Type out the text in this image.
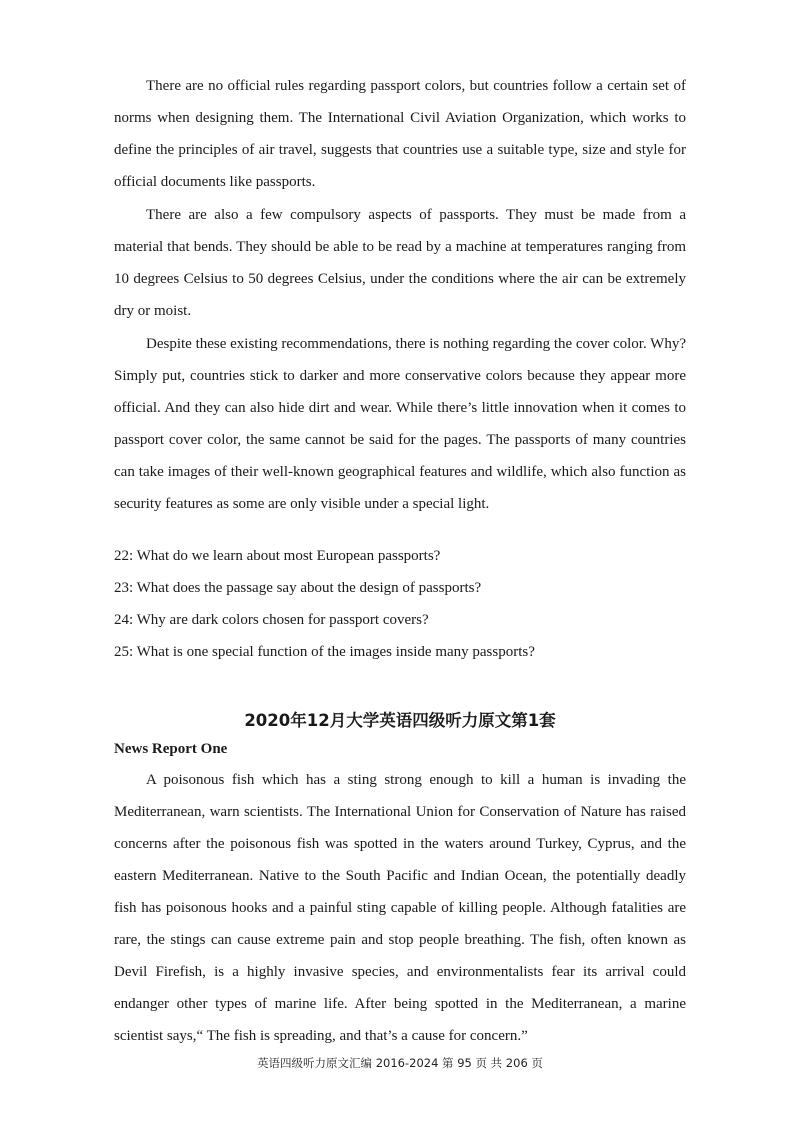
There are no official rules regarding passport colors, but countries follow a certain set of norms when designing them. The International Civil Aviation Organization, which works to define the principles of air travel, suggests that countries use a suitable type, size and style for official documents like passports.

There are also a few compulsory aspects of passports. They must be made from a material that bends. They should be able to be read by a machine at temperatures ranging from 10 degrees Celsius to 50 degrees Celsius, under the conditions where the air can be extremely dry or moist.

Despite these existing recommendations, there is nothing regarding the cover color. Why? Simply put, countries stick to darker and more conservative colors because they appear more official. And they can also hide dirt and wear. While there’s little innovation when it comes to passport cover color, the same cannot be said for the pages. The passports of many countries can take images of their well-known geographical features and wildlife, which also function as security features as some are only visible under a special light.

22: What do we learn about most European passports?

23: What does the passage say about the design of passports?

24: Why are dark colors chosen for passport covers?

25: What is one special function of the images inside many passports?

2020年12月大学英语四级听力原文第1套
News Report One

A poisonous fish which has a sting strong enough to kill a human is invading the Mediterranean, warn scientists. The International Union for Conservation of Nature has raised concerns after the poisonous fish was spotted in the waters around Turkey, Cyprus, and the eastern Mediterranean. Native to the South Pacific and Indian Ocean, the potentially deadly fish has poisonous hooks and a painful sting capable of killing people. Although fatalities are rare, the stings can cause extreme pain and stop people breathing. The fish, often known as Devil Firefish, is a highly invasive species, and environmentalists fear its arrival could endanger other types of marine life. After being spotted in the Mediterranean, a marine scientist says,“ The fish is spreading, and that’s a cause for concern.”

英语四级听力原文汇编 2016-2024 第 95 页 共 206 页
